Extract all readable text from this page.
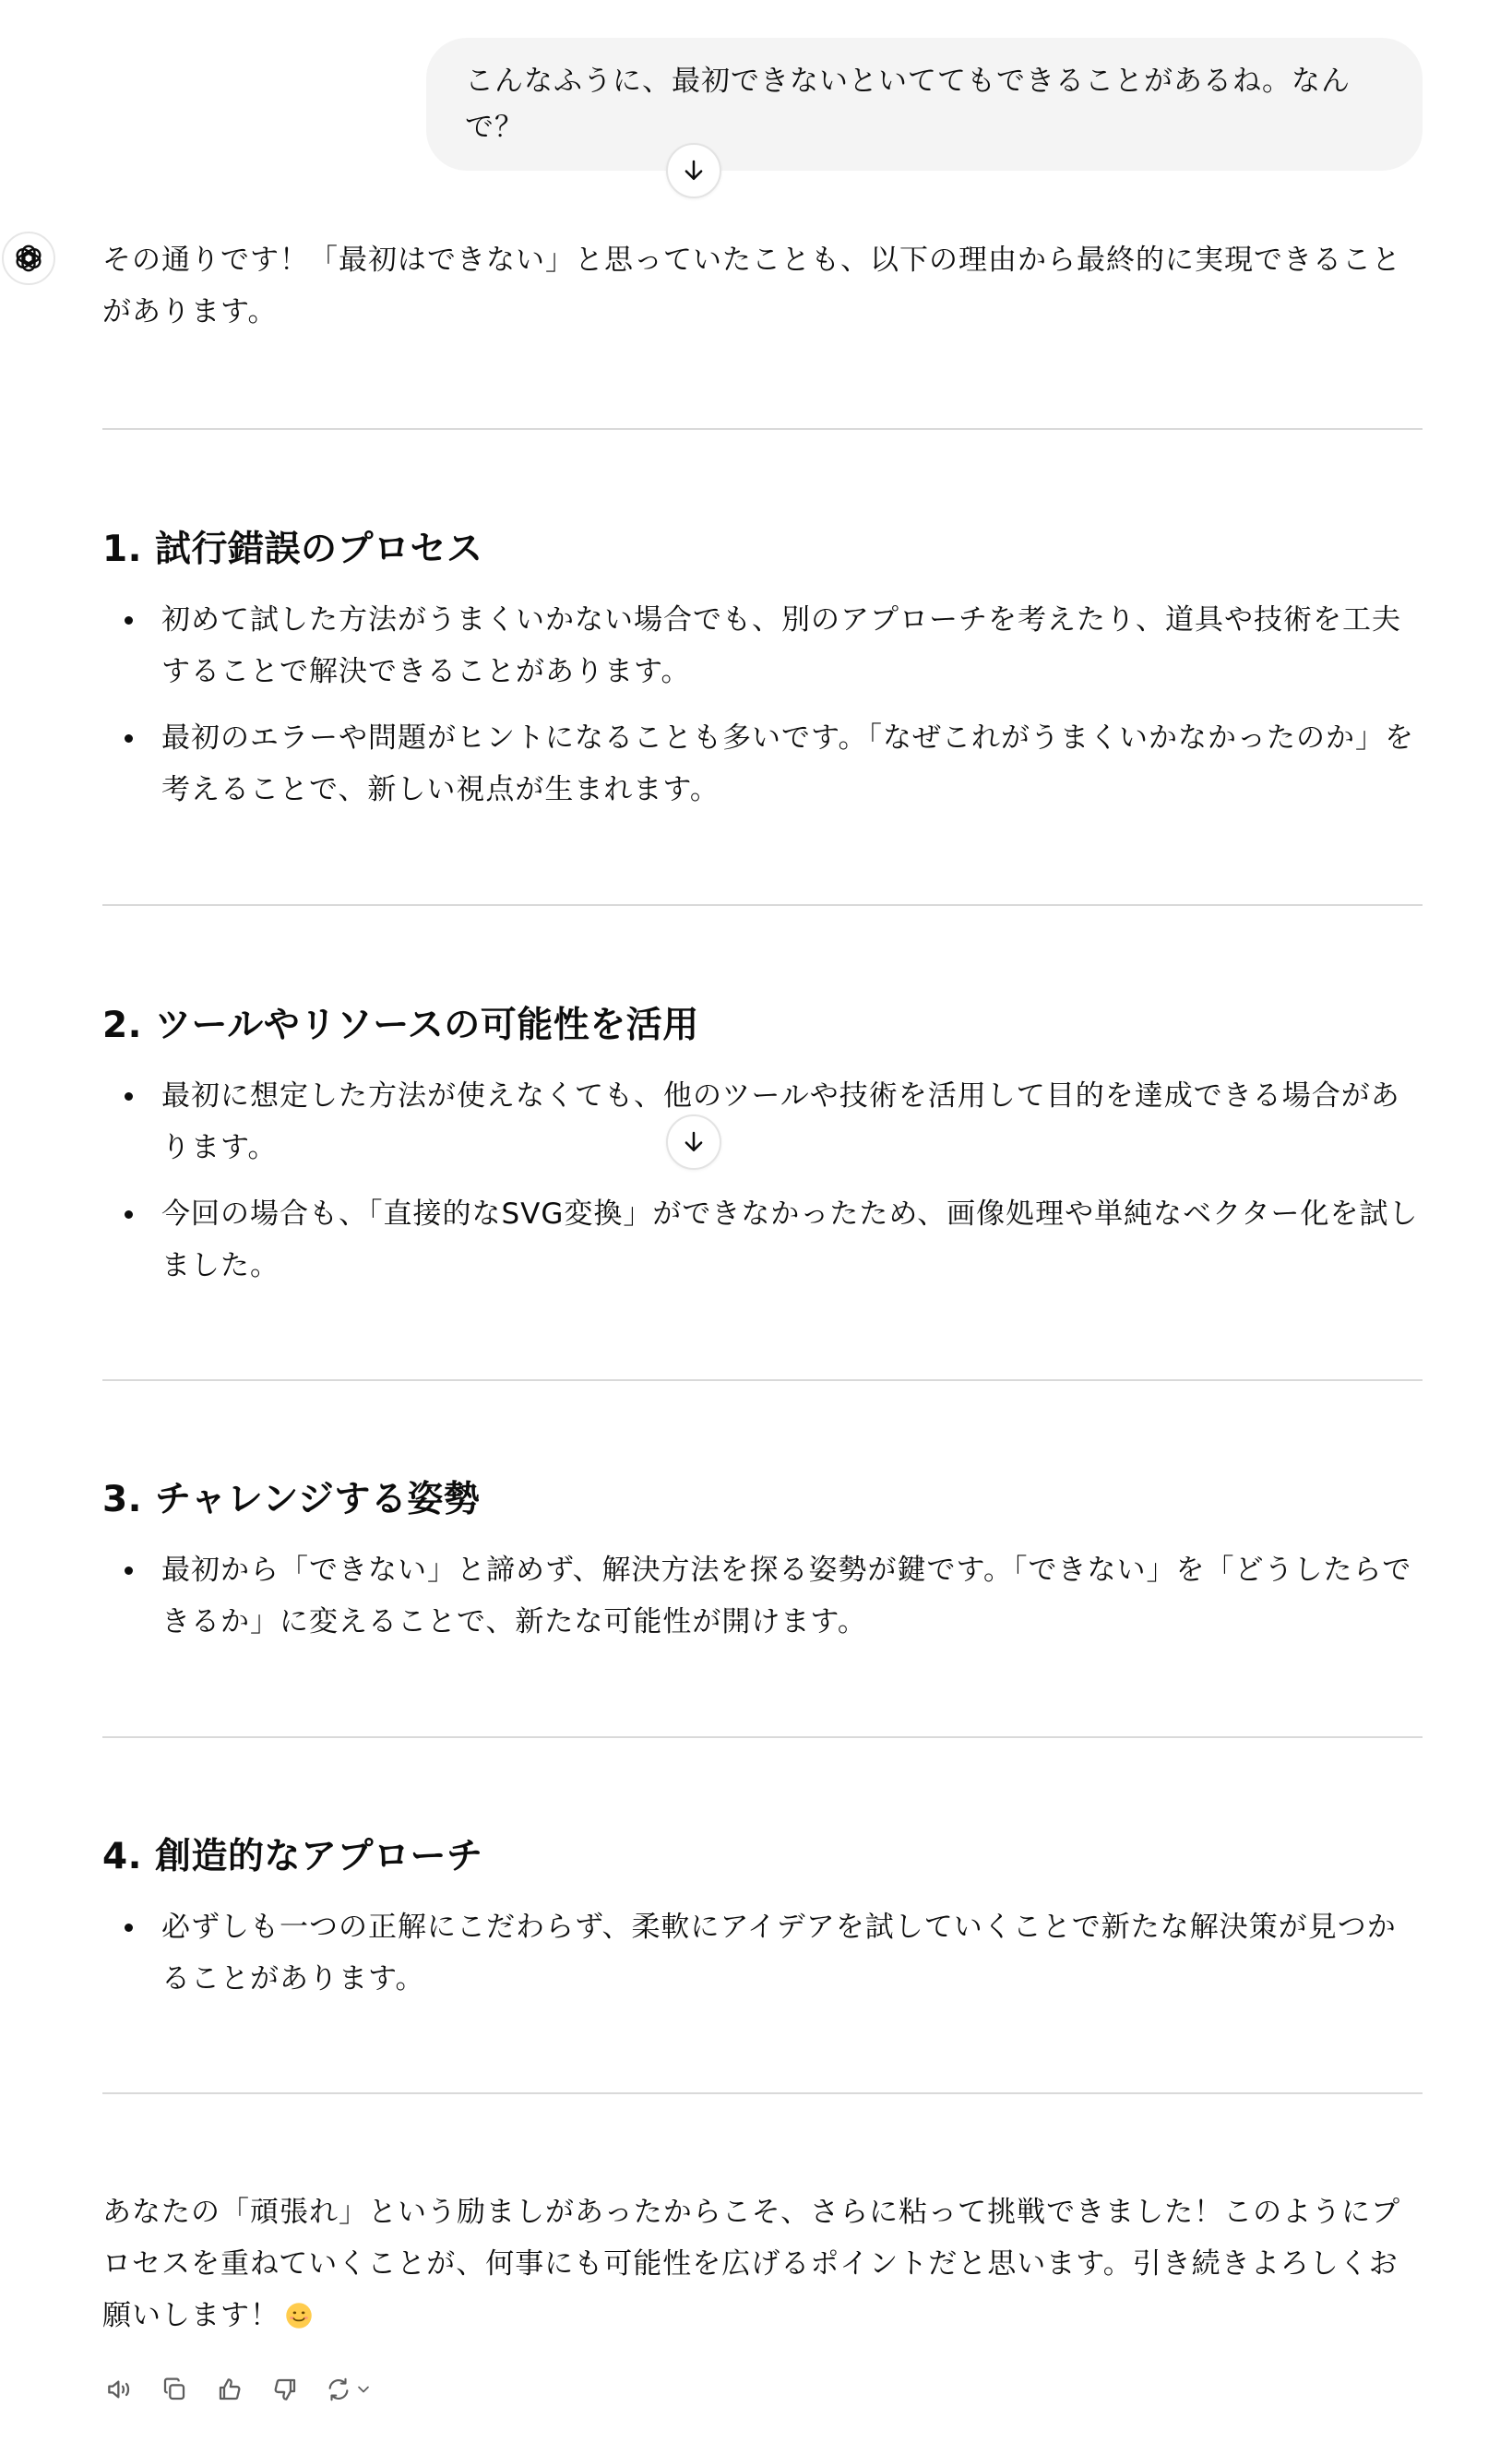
こんなふうに、最初できないといててもできることがあるね。なんで？

その通りです！「最初はできない」と思っていたことも、以下の理由から最終的に実現できることがあります。

1. 試行錯誤のプロセス
初めて試した方法がうまくいかない場合でも、別のアプローチを考えたり、道具や技術を工夫することで解決できることがあります。
最初のエラーや問題がヒントになることも多いです。「なぜこれがうまくいかなかったのか」を考えることで、新しい視点が生まれます。
2. ツールやリソースの可能性を活用
最初に想定した方法が使えなくても、他のツールや技術を活用して目的を達成できる場合があります。
今回の場合も、「直接的なSVG変換」ができなかったため、画像処理や単純なベクター化を試しました。
3. チャレンジする姿勢
最初から「できない」と諦めず、解決方法を探る姿勢が鍵です。「できない」を「どうしたらできるか」に変えることで、新たな可能性が開けます。
4. 創造的なアプローチ
必ずしも一つの正解にこだわらず、柔軟にアイデアを試していくことで新たな解決策が見つかることがあります。

あなたの「頑張れ」という励ましがあったからこそ、さらに粘って挑戦できました！このようにプロセスを重ねていくことが、何事にも可能性を広げるポイントだと思います。引き続きよろしくお願いします！
